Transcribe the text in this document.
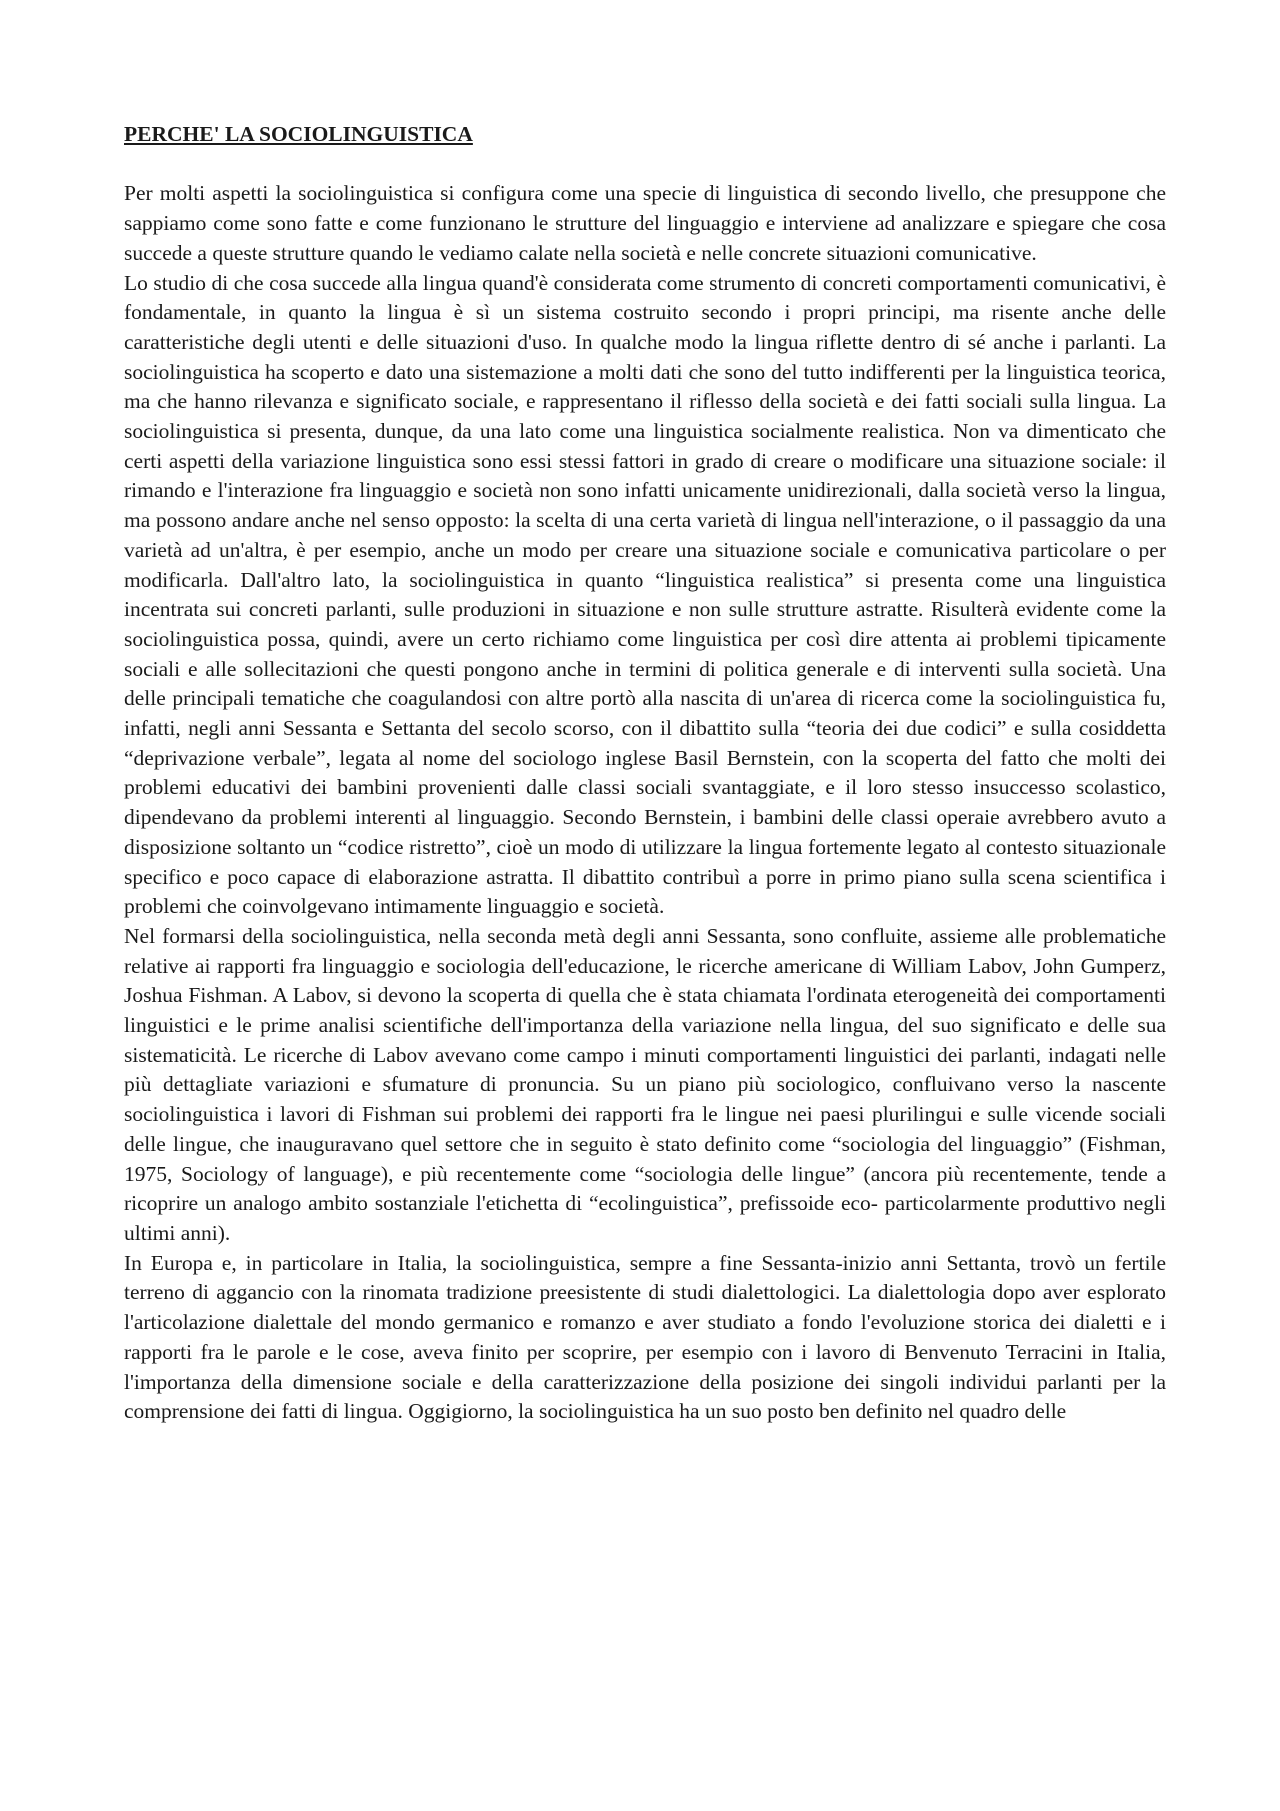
PERCHE' LA SOCIOLINGUISTICA

Per molti aspetti la sociolinguistica si configura come una specie di linguistica di secondo livello, che presuppone che sappiamo come sono fatte e come funzionano le strutture del linguaggio e interviene ad analizzare e spiegare che cosa succede a queste strutture quando le vediamo calate nella società e nelle concrete situazioni comunicative.

Lo studio di che cosa succede alla lingua quand'è considerata come strumento di concreti comportamenti comunicativi, è fondamentale, in quanto la lingua è sì un sistema costruito secondo i propri principi, ma risente anche delle caratteristiche degli utenti e delle situazioni d'uso. In qualche modo la lingua riflette dentro di sé anche i parlanti. La sociolinguistica ha scoperto e dato una sistemazione a molti dati che sono del tutto indifferenti per la linguistica teorica, ma che hanno rilevanza e significato sociale, e rappresentano il riflesso della società e dei fatti sociali sulla lingua. La sociolinguistica si presenta, dunque, da una lato come una linguistica socialmente realistica. Non va dimenticato che certi aspetti della variazione linguistica sono essi stessi fattori in grado di creare o modificare una situazione sociale: il rimando e l'interazione fra linguaggio e società non sono infatti unicamente unidirezionali, dalla società verso la lingua, ma possono andare anche nel senso opposto: la scelta di una certa varietà di lingua nell'interazione, o il passaggio da una varietà ad un'altra, è per esempio, anche un modo per creare una situazione sociale e comunicativa particolare o per modificarla. Dall'altro lato, la sociolinguistica in quanto “linguistica realistica” si presenta come una linguistica incentrata sui concreti parlanti, sulle produzioni in situazione e non sulle strutture astratte. Risulterà evidente come la sociolinguistica possa, quindi, avere un certo richiamo come linguistica per così dire attenta ai problemi tipicamente sociali e alle sollecitazioni che questi pongono anche in termini di politica generale e di interventi sulla società. Una delle principali tematiche che coagulandosi con altre portò alla nascita di un'area di ricerca come la sociolinguistica fu, infatti, negli anni Sessanta e Settanta del secolo scorso, con il dibattito sulla “teoria dei due codici” e sulla cosiddetta “deprivazione verbale”, legata al nome del sociologo inglese Basil Bernstein, con la scoperta del fatto che molti dei problemi educativi dei bambini provenienti dalle classi sociali svantaggiate, e il loro stesso insuccesso scolastico, dipendevano da problemi interenti al linguaggio. Secondo Bernstein, i bambini delle classi operaie avrebbero avuto a disposizione soltanto un “codice ristretto”, cioè un modo di utilizzare la lingua fortemente legato al contesto situazionale specifico e poco capace di elaborazione astratta. Il dibattito contribuì a porre in primo piano sulla scena scientifica i problemi che coinvolgevano intimamente linguaggio e società.

Nel formarsi della sociolinguistica, nella seconda metà degli anni Sessanta, sono confluite, assieme alle problematiche relative ai rapporti fra linguaggio e sociologia dell'educazione, le ricerche americane di William Labov, John Gumperz, Joshua Fishman. A Labov, si devono la scoperta di quella che è stata chiamata l'ordinata eterogeneità dei comportamenti linguistici e le prime analisi scientifiche dell'importanza della variazione nella lingua, del suo significato e delle sua sistematicità. Le ricerche di Labov avevano come campo i minuti comportamenti linguistici dei parlanti, indagati nelle più dettagliate variazioni e sfumature di pronuncia. Su un piano più sociologico, confluivano verso la nascente sociolinguistica i lavori di Fishman sui problemi dei rapporti fra le lingue nei paesi plurilingui e sulle vicende sociali delle lingue, che inauguravano quel settore che in seguito è stato definito come “sociologia del linguaggio” (Fishman, 1975, Sociology of language), e più recentemente come “sociologia delle lingue” (ancora più recentemente, tende a ricoprire un analogo ambito sostanziale l'etichetta di “ecolinguistica”, prefissoide eco- particolarmente produttivo negli ultimi anni).

In Europa e, in particolare in Italia, la sociolinguistica, sempre a fine Sessanta-inizio anni Settanta, trovò un fertile terreno di aggancio con la rinomata tradizione preesistente di studi dialettologici. La dialettologia dopo aver esplorato l'articolazione dialettale del mondo germanico e romanzo e aver studiato a fondo l'evoluzione storica dei dialetti e i rapporti fra le parole e le cose, aveva finito per scoprire, per esempio con i lavoro di Benvenuto Terracini in Italia, l'importanza della dimensione sociale e della caratterizzazione della posizione dei singoli individui parlanti per la comprensione dei fatti di lingua. Oggigiorno, la sociolinguistica ha un suo posto ben definito nel quadro delle
